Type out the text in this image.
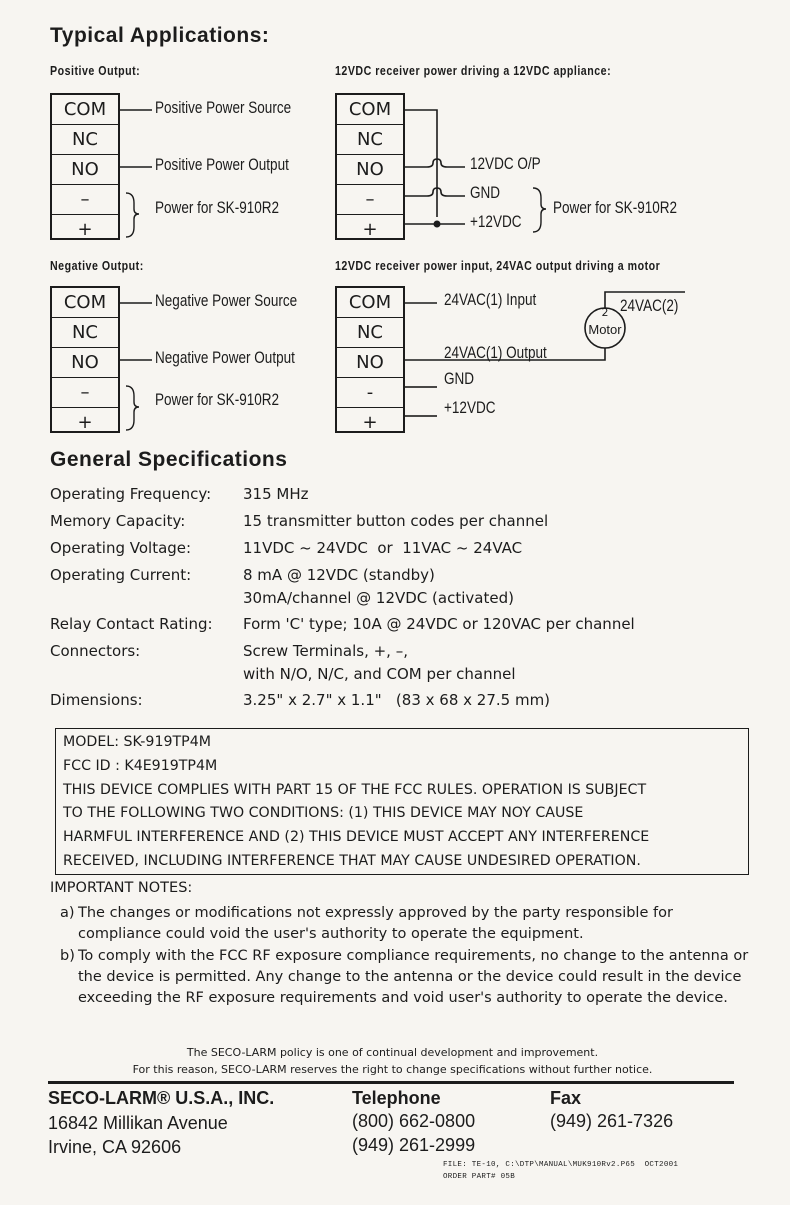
Typical Applications:
Positive Output:
COM
NC
NO
–
+
Positive Power Source
Positive Power Output
Power for SK-910R2
Negative Output:
COM
NC
NO
–
+
Negative Power Source
Negative Power Output
Power for SK-910R2
12VDC receiver power driving a 12VDC appliance:
COM
NC
NO
–
+
12VDC O/P
GND
+12VDC
Power for SK-910R2
12VDC receiver power input, 24VAC output driving a motor
COM
NC
NO
-
+
24VAC(1) Input
24VAC(1) Output
GND
+12VDC
24VAC(2)
2
Motor
General Specifications
Operating Frequency: 315 MHz
Memory Capacity:	15 transmitter button codes per channel
Operating Voltage:	11VDC ~ 24VDC  or  11VAC ~ 24VAC
Operating Current:	8 mA @ 12VDC (standby)
30mA/channel @ 12VDC (activated)
Relay Contact Rating: Form 'C' type; 10A @ 24VDC or 120VAC per channel
Connectors:	Screw Terminals, +, –,
with N/O, N/C, and COM per channel
Dimensions:	3.25" x 2.7" x 1.1"   (83 x 68 x 27.5 mm)
MODEL: SK-919TP4M
FCC ID : K4E919TP4M
THIS DEVICE COMPLIES WITH PART 15 OF THE FCC RULES. OPERATION IS SUBJECT
TO THE FOLLOWING TWO CONDITIONS: (1) THIS DEVICE MAY NOY CAUSE
HARMFUL INTERFERENCE AND (2) THIS DEVICE MUST ACCEPT ANY INTERFERENCE
RECEIVED, INCLUDING INTERFERENCE THAT MAY CAUSE UNDESIRED OPERATION.
IMPORTANT NOTES:
a) The changes or modifications not expressly approved by the party responsible for compliance could void the user's authority to operate the equipment.
b) To comply with the FCC RF exposure compliance requirements, no change to the antenna or the device is permitted. Any change to the antenna or the device could result in the device exceeding the RF exposure requirements and void user's authority to operate the device.
The SECO-LARM policy is one of continual development and improvement.
For this reason, SECO-LARM reserves the right to change specifications without further notice.
SECO-LARM® U.S.A., INC.
16842 Millikan Avenue
Irvine, CA 92606
Telephone
(800) 662-0800
(949) 261-2999
Fax
(949) 261-7326
FILE: TE-10, C:\DTP\MANUAL\MUK910Rv2.P65  OCT2001
ORDER PART# 05B
